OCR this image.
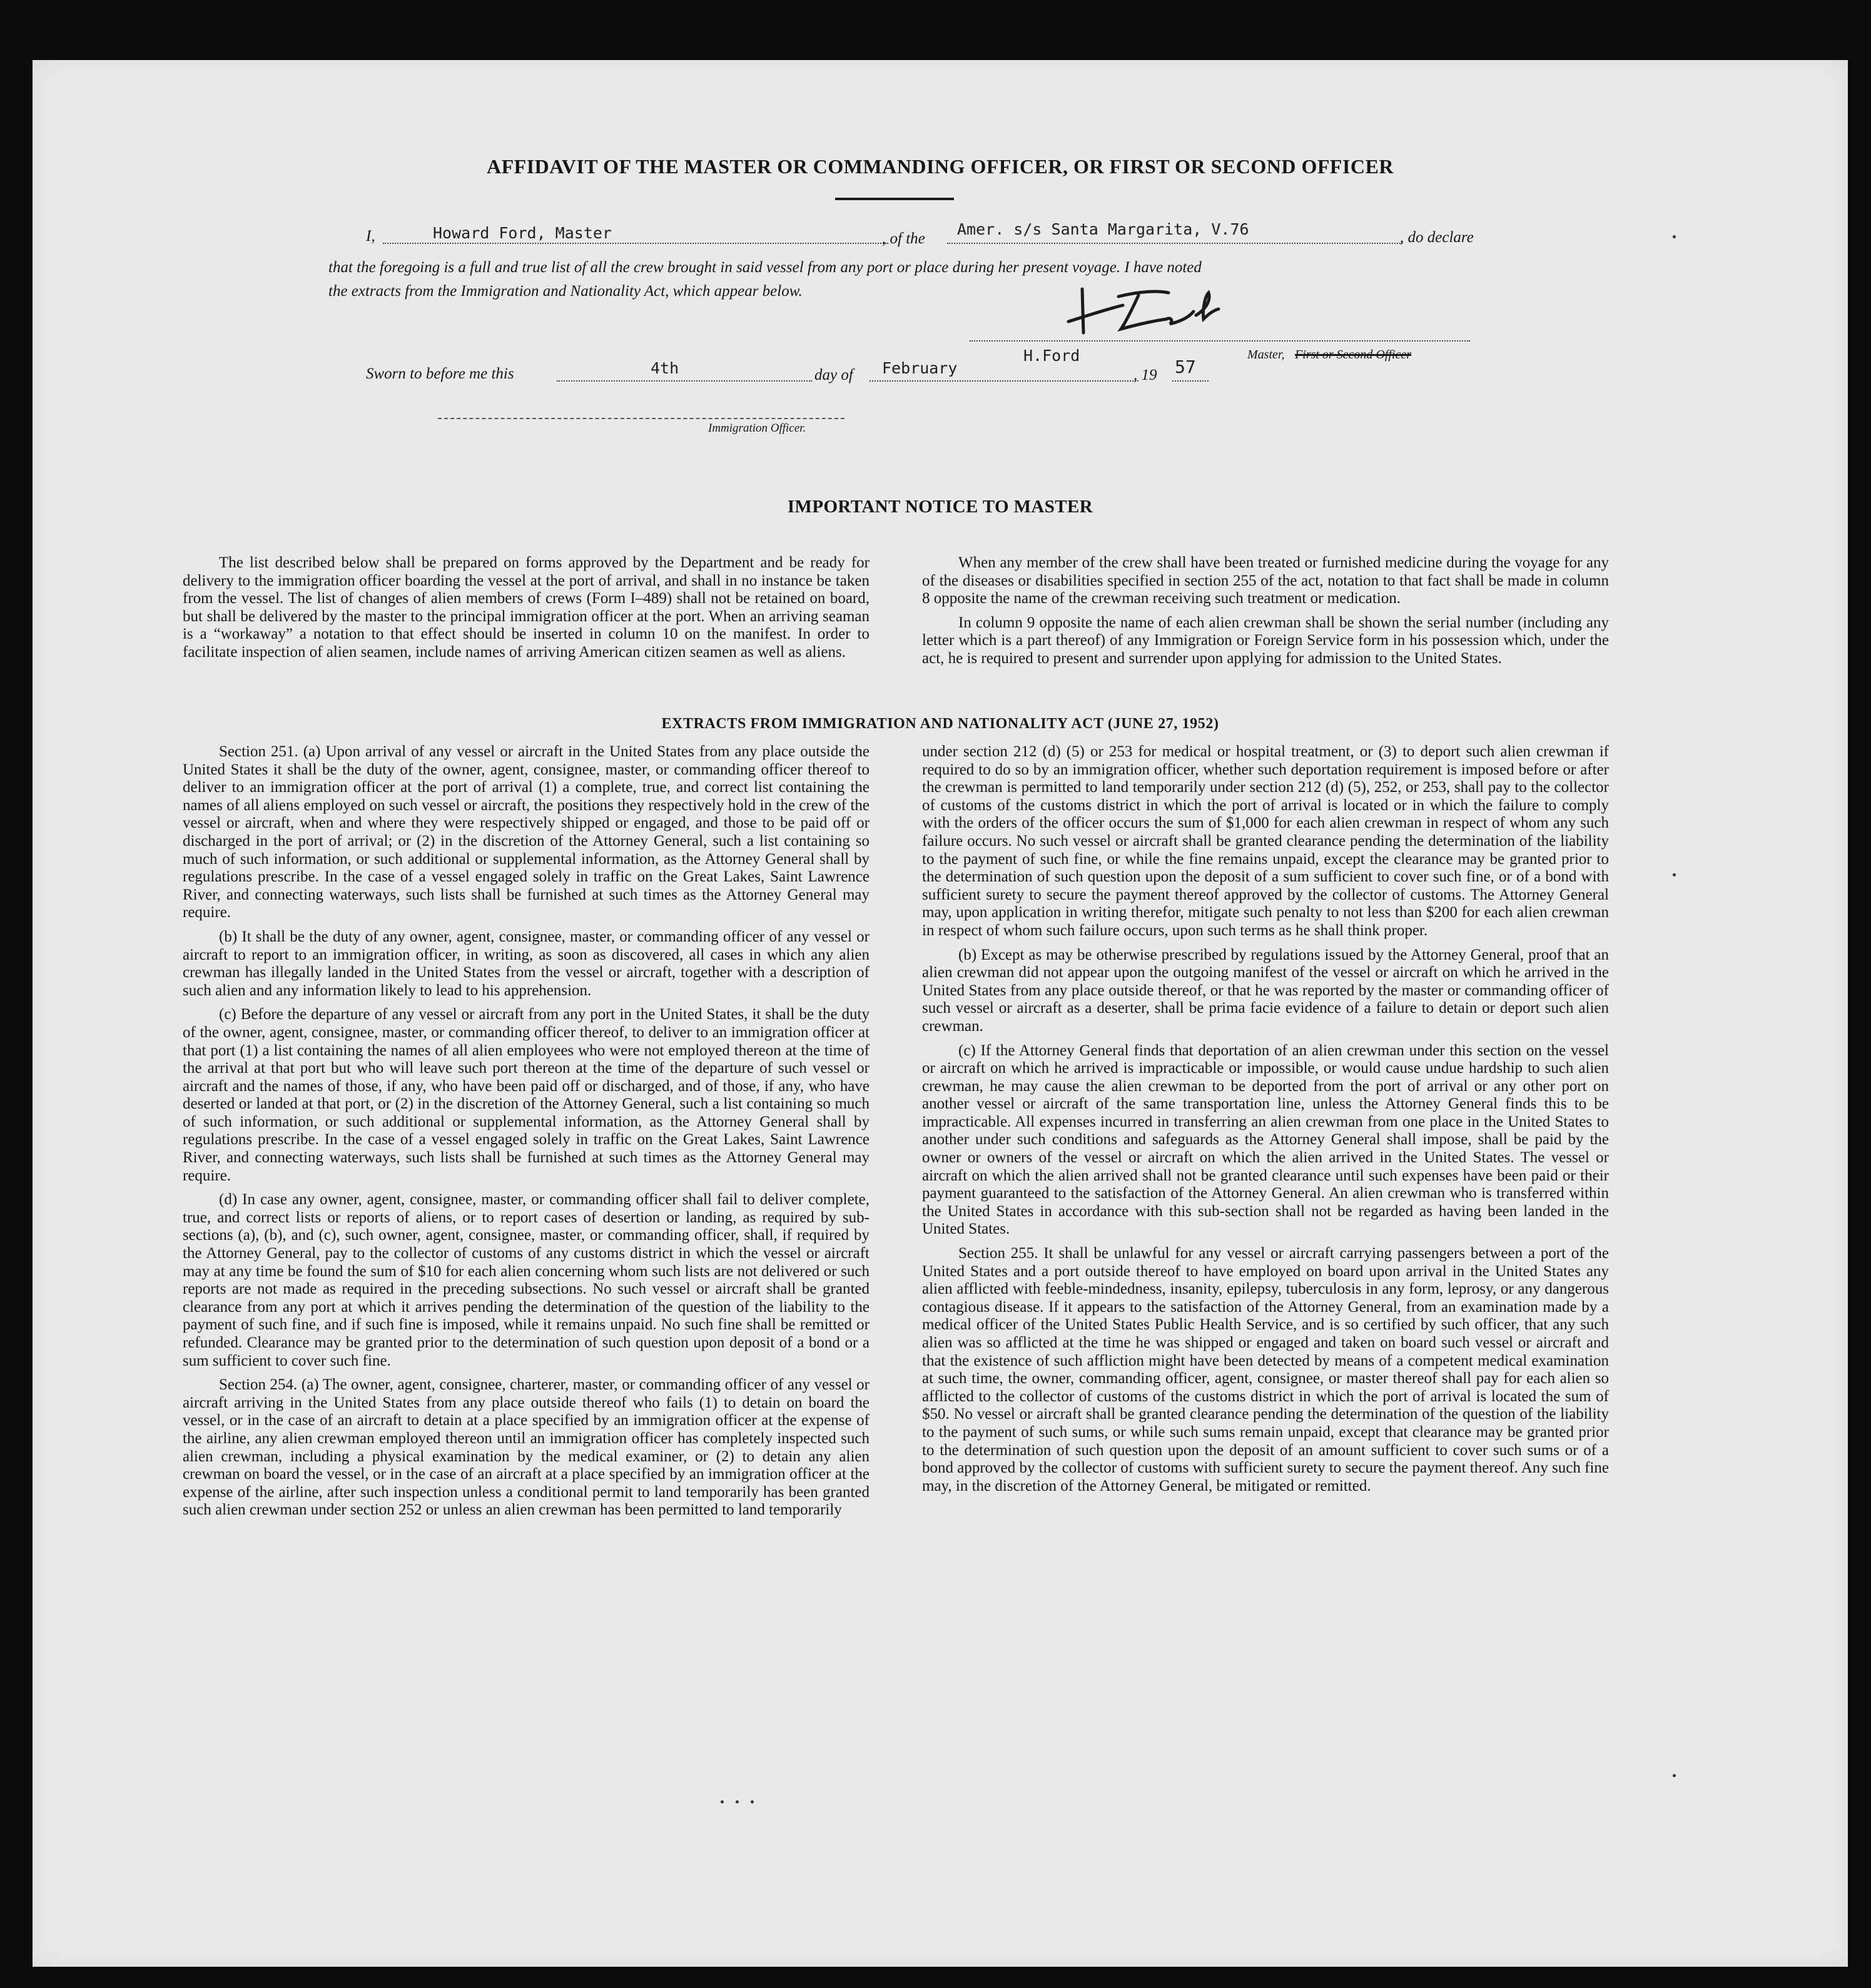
AFFIDAVIT OF THE MASTER OR COMMANDING OFFICER, OR FIRST OR SECOND OFFICER
I,	Howard Ford, Master	, of the
Amer. s/s Santa Margarita, V.76	, do declare
that the foregoing is a full and true list of all the crew brought in said vessel from any port or place during her present voyage. I have noted
the extracts from the Immigration and Nationality Act, which appear below.
H.Ford	Master, First or Second Officer
Sworn to before me this	4th	day of February	, 19 57
Immigration Officer.
IMPORTANT NOTICE TO MASTER

The list described below shall be prepared on forms approved by the Department and be ready for delivery to the immigration officer boarding the vessel at the port of arrival, and shall in no instance be taken from the vessel. The list of changes of alien members of crews (Form I–489) shall not be retained on board, but shall be delivered by the master to the principal immigration officer at the port. When an arriving seaman is a “workaway” a notation to that effect should be inserted in column 10 on the manifest. In order to facilitate inspection of alien seamen, include names of arriving American citizen seamen as well as aliens.

When any member of the crew shall have been treated or furnished medicine during the voyage for any of the diseases or disabilities specified in section 255 of the act, notation to that fact shall be made in column 8 opposite the name of the crewman receiving such treatment or medication.

In column 9 opposite the name of each alien crewman shall be shown the serial number (including any letter which is a part thereof) of any Immigration or Foreign Service form in his possession which, under the act, he is required to present and surrender upon applying for admission to the United States.

EXTRACTS FROM IMMIGRATION AND NATIONALITY ACT (JUNE 27, 1952)

Section 251. (a) Upon arrival of any vessel or aircraft in the United States from any place outside the United States it shall be the duty of the owner, agent, consignee, master, or commanding officer thereof to deliver to an immigration officer at the port of arrival (1) a complete, true, and correct list containing the names of all aliens employed on such vessel or aircraft, the positions they respectively hold in the crew of the vessel or aircraft, when and where they were respectively shipped or engaged, and those to be paid off or discharged in the port of arrival; or (2) in the discretion of the Attorney General, such a list containing so much of such information, or such additional or supplemental information, as the Attorney General shall by regulations prescribe. In the case of a vessel engaged solely in traffic on the Great Lakes, Saint Lawrence River, and connecting waterways, such lists shall be furnished at such times as the Attorney General may require.

(b) It shall be the duty of any owner, agent, consignee, master, or commanding officer of any vessel or aircraft to report to an immigration officer, in writing, as soon as discovered, all cases in which any alien crewman has illegally landed in the United States from the vessel or aircraft, together with a description of such alien and any information likely to lead to his apprehension.

(c) Before the departure of any vessel or aircraft from any port in the United States, it shall be the duty of the owner, agent, consignee, master, or commanding officer thereof, to deliver to an immigration officer at that port (1) a list containing the names of all alien employees who were not employed thereon at the time of the arrival at that port but who will leave such port thereon at the time of the departure of such vessel or aircraft and the names of those, if any, who have been paid off or discharged, and of those, if any, who have deserted or landed at that port, or (2) in the discretion of the Attorney General, such a list containing so much of such information, or such additional or supplemental information, as the Attorney General shall by regulations prescribe. In the case of a vessel engaged solely in traffic on the Great Lakes, Saint Lawrence River, and connecting waterways, such lists shall be furnished at such times as the Attorney General may require.

(d) In case any owner, agent, consignee, master, or commanding officer shall fail to deliver complete, true, and correct lists or reports of aliens, or to report cases of desertion or landing, as required by sub-sections (a), (b), and (c), such owner, agent, consignee, master, or commanding officer, shall, if required by the Attorney General, pay to the collector of customs of any customs district in which the vessel or aircraft may at any time be found the sum of $10 for each alien concerning whom such lists are not delivered or such reports are not made as required in the preceding subsections. No such vessel or aircraft shall be granted clearance from any port at which it arrives pending the determination of the question of the liability to the payment of such fine, and if such fine is imposed, while it remains unpaid. No such fine shall be remitted or refunded. Clearance may be granted prior to the determination of such question upon deposit of a bond or a sum sufficient to cover such fine.

Section 254. (a) The owner, agent, consignee, charterer, master, or commanding officer of any vessel or aircraft arriving in the United States from any place outside thereof who fails (1) to detain on board the vessel, or in the case of an aircraft to detain at a place specified by an immigration officer at the expense of the airline, any alien crewman employed thereon until an immigration officer has completely inspected such alien crewman, including a physical examination by the medical examiner, or (2) to detain any alien crewman on board the vessel, or in the case of an aircraft at a place specified by an immigration officer at the expense of the airline, after such inspection unless a conditional permit to land temporarily has been granted such alien crewman under section 252 or unless an alien crewman has been permitted to land temporarily

under section 212 (d) (5) or 253 for medical or hospital treatment, or (3) to deport such alien crewman if required to do so by an immigration officer, whether such deportation requirement is imposed before or after the crewman is permitted to land temporarily under section 212 (d) (5), 252, or 253, shall pay to the collector of customs of the customs district in which the port of arrival is located or in which the failure to comply with the orders of the officer occurs the sum of $1,000 for each alien crewman in respect of whom any such failure occurs. No such vessel or aircraft shall be granted clearance pending the determination of the liability to the payment of such fine, or while the fine remains unpaid, except the clearance may be granted prior to the determination of such question upon the deposit of a sum sufficient to cover such fine, or of a bond with sufficient surety to secure the payment thereof approved by the collector of customs. The Attorney General may, upon application in writing therefor, mitigate such penalty to not less than $200 for each alien crewman in respect of whom such failure occurs, upon such terms as he shall think proper.

(b) Except as may be otherwise prescribed by regulations issued by the Attorney General, proof that an alien crewman did not appear upon the outgoing manifest of the vessel or aircraft on which he arrived in the United States from any place outside thereof, or that he was reported by the master or commanding officer of such vessel or aircraft as a deserter, shall be prima facie evidence of a failure to detain or deport such alien crewman.

(c) If the Attorney General finds that deportation of an alien crewman under this section on the vessel or aircraft on which he arrived is impracticable or impossible, or would cause undue hardship to such alien crewman, he may cause the alien crewman to be deported from the port of arrival or any other port on another vessel or aircraft of the same transportation line, unless the Attorney General finds this to be impracticable. All expenses incurred in transferring an alien crewman from one place in the United States to another under such conditions and safeguards as the Attorney General shall impose, shall be paid by the owner or owners of the vessel or aircraft on which the alien arrived in the United States. The vessel or aircraft on which the alien arrived shall not be granted clearance until such expenses have been paid or their payment guaranteed to the satisfaction of the Attorney General. An alien crewman who is transferred within the United States in accordance with this sub-section shall not be regarded as having been landed in the United States.

Section 255. It shall be unlawful for any vessel or aircraft carrying passengers between a port of the United States and a port outside thereof to have employed on board upon arrival in the United States any alien afflicted with feeble-mindedness, insanity, epilepsy, tuberculosis in any form, leprosy, or any dangerous contagious disease. If it appears to the satisfaction of the Attorney General, from an examination made by a medical officer of the United States Public Health Service, and is so certified by such officer, that any such alien was so afflicted at the time he was shipped or engaged and taken on board such vessel or aircraft and that the existence of such affliction might have been detected by means of a competent medical examination at such time, the owner, commanding officer, agent, consignee, or master thereof shall pay for each alien so afflicted to the collector of customs of the customs district in which the port of arrival is located the sum of $50. No vessel or aircraft shall be granted clearance pending the determination of the question of the liability to the payment of such sums, or while such sums remain unpaid, except that clearance may be granted prior to the determination of such question upon the deposit of an amount sufficient to cover such sums or of a bond approved by the collector of customs with sufficient surety to secure the payment thereof. Any such fine may, in the discretion of the Attorney General, be mitigated or remitted.
